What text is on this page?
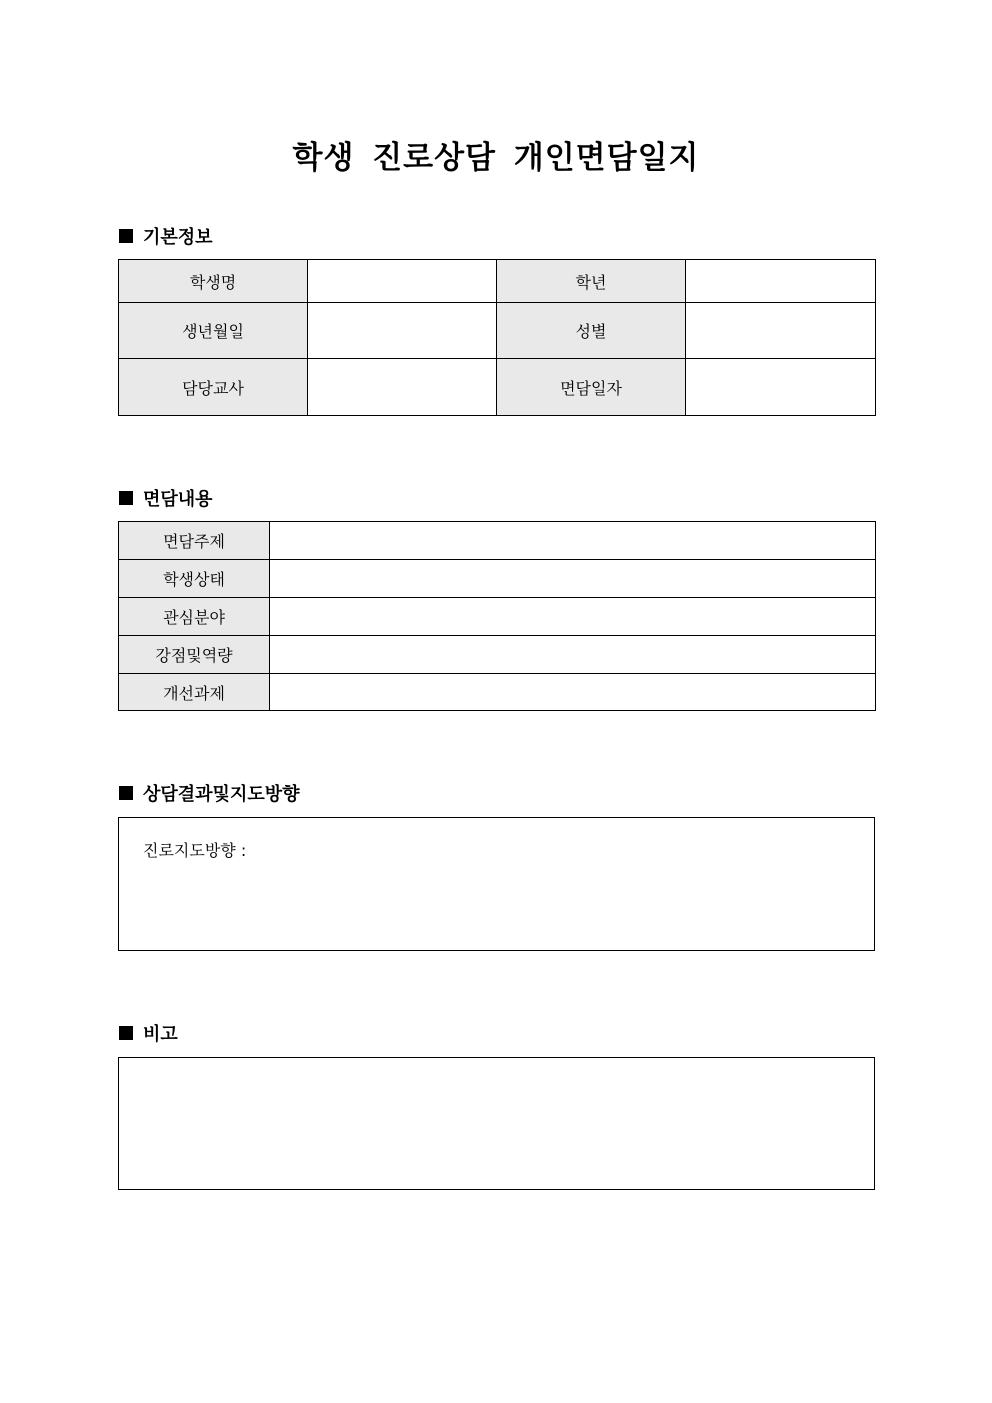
학생 진로상담 개인면담일지
기본정보
학생명		학년	
생년월일		성별	
담당교사		면담일자	
면담내용
면담주제	
학생상태	
관심분야	
강점및역량	
개선과제	
상담결과및지도방향
진로지도방향 :
비고
